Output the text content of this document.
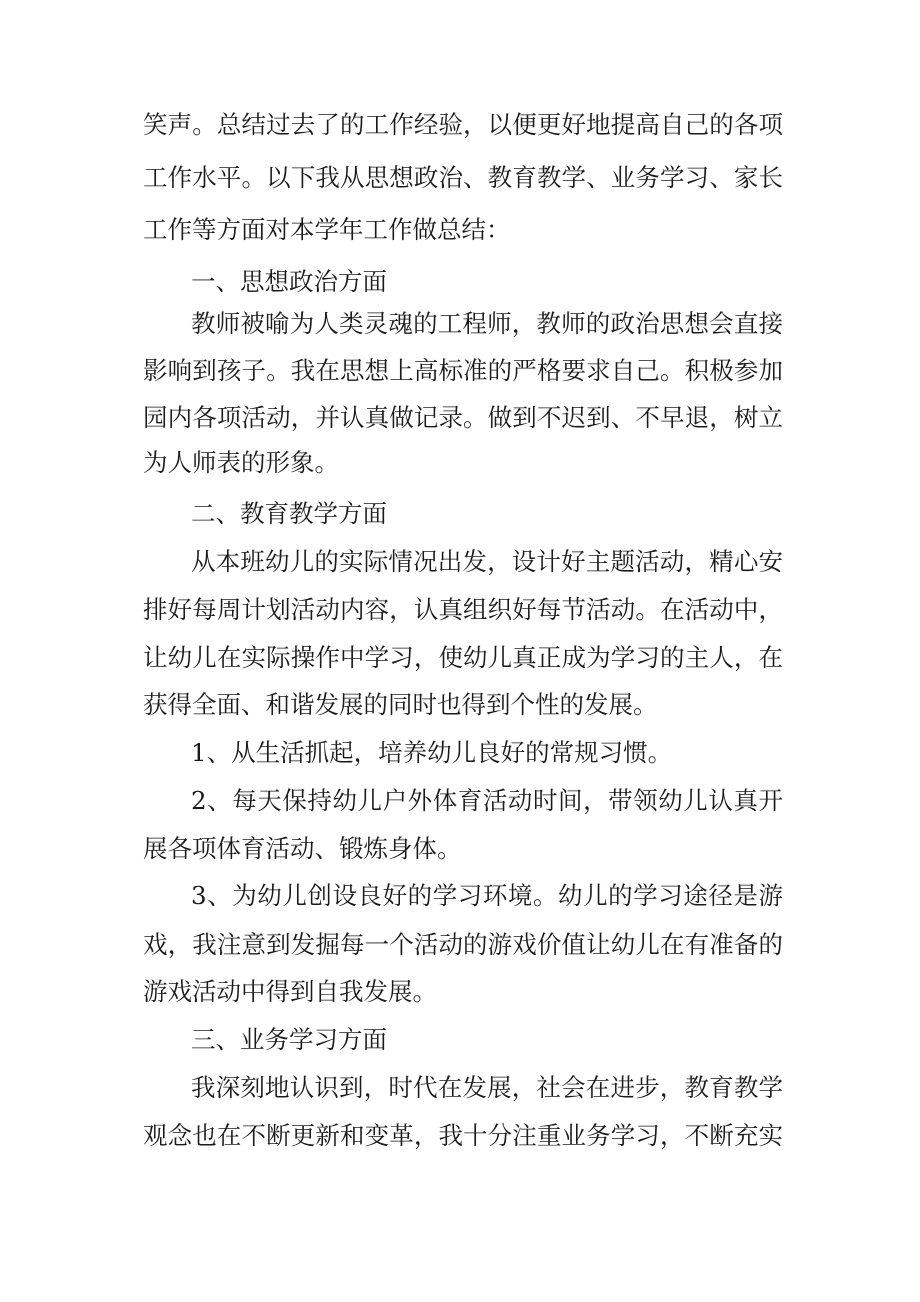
笑声。总结过去了的工作经验，以便更好地提高自己的各项
工作水平。以下我从思想政治、教育教学、业务学习、家长
工作等方面对本学年工作做总结：
一、思想政治方面
教师被喻为人类灵魂的工程师，教师的政治思想会直接
影响到孩子。我在思想上高标准的严格要求自己。积极参加
园内各项活动，并认真做记录。做到不迟到、不早退，树立
为人师表的形象。
二、教育教学方面
从本班幼儿的实际情况出发，设计好主题活动，精心安
排好每周计划活动内容，认真组织好每节活动。在活动中，
让幼儿在实际操作中学习，使幼儿真正成为学习的主人，在
获得全面、和谐发展的同时也得到个性的发展。
1、从生活抓起，培养幼儿良好的常规习惯。
2、每天保持幼儿户外体育活动时间，带领幼儿认真开
展各项体育活动、锻炼身体。
3、为幼儿创设良好的学习环境。幼儿的学习途径是游
戏，我注意到发掘每一个活动的游戏价值让幼儿在有准备的
游戏活动中得到自我发展。
三、业务学习方面
我深刻地认识到，时代在发展，社会在进步，教育教学
观念也在不断更新和变革，我十分注重业务学习，不断充实
